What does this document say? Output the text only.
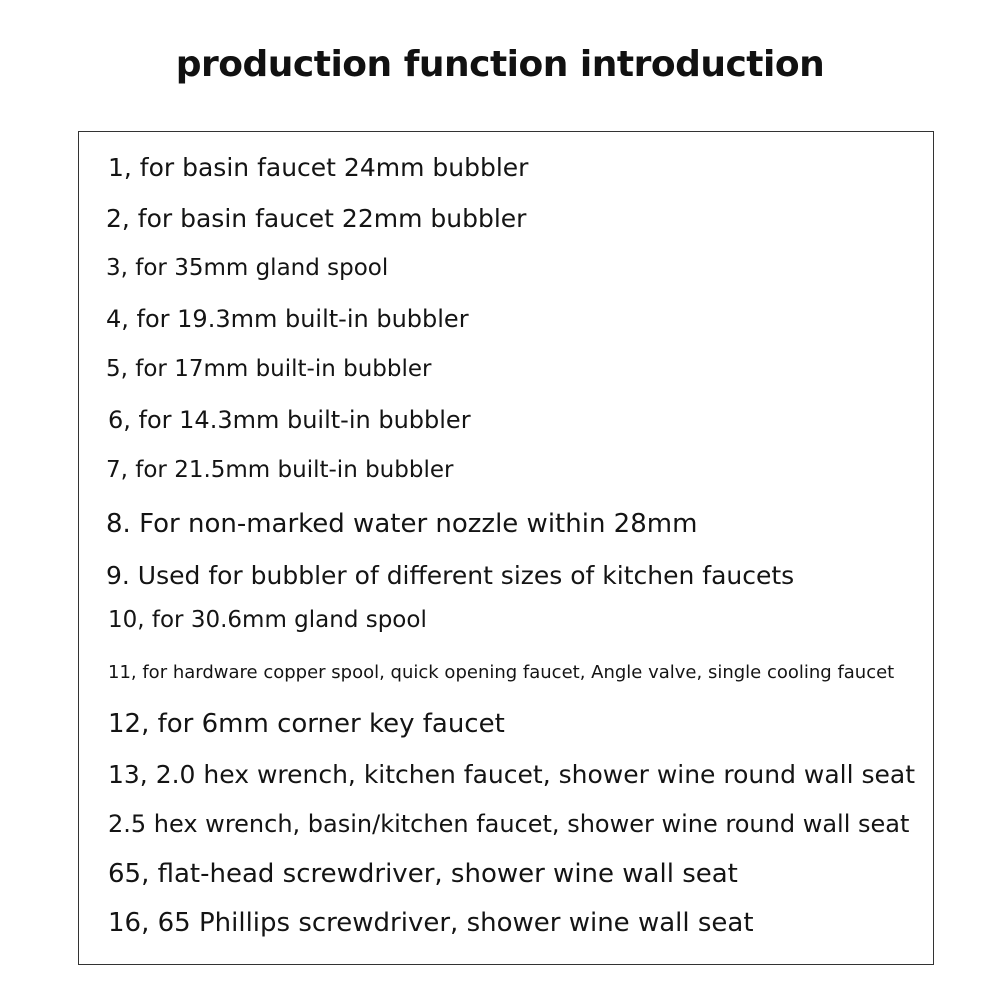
production function introduction
1, for basin faucet 24mm bubbler
2, for basin faucet 22mm bubbler
3, for 35mm gland spool
4, for 19.3mm built-in bubbler
5, for 17mm built-in bubbler
6, for 14.3mm built-in bubbler
7, for 21.5mm built-in bubbler
8. For non-marked water nozzle within 28mm
9. Used for bubbler of different sizes of kitchen faucets
10, for 30.6mm gland spool
11, for hardware copper spool, quick opening faucet, Angle valve, single cooling faucet
12, for 6mm corner key faucet
13, 2.0 hex wrench, kitchen faucet, shower wine round wall seat
2.5 hex wrench, basin/kitchen faucet, shower wine round wall seat
65, flat-head screwdriver, shower wine wall seat
16, 65 Phillips screwdriver, shower wine wall seat
